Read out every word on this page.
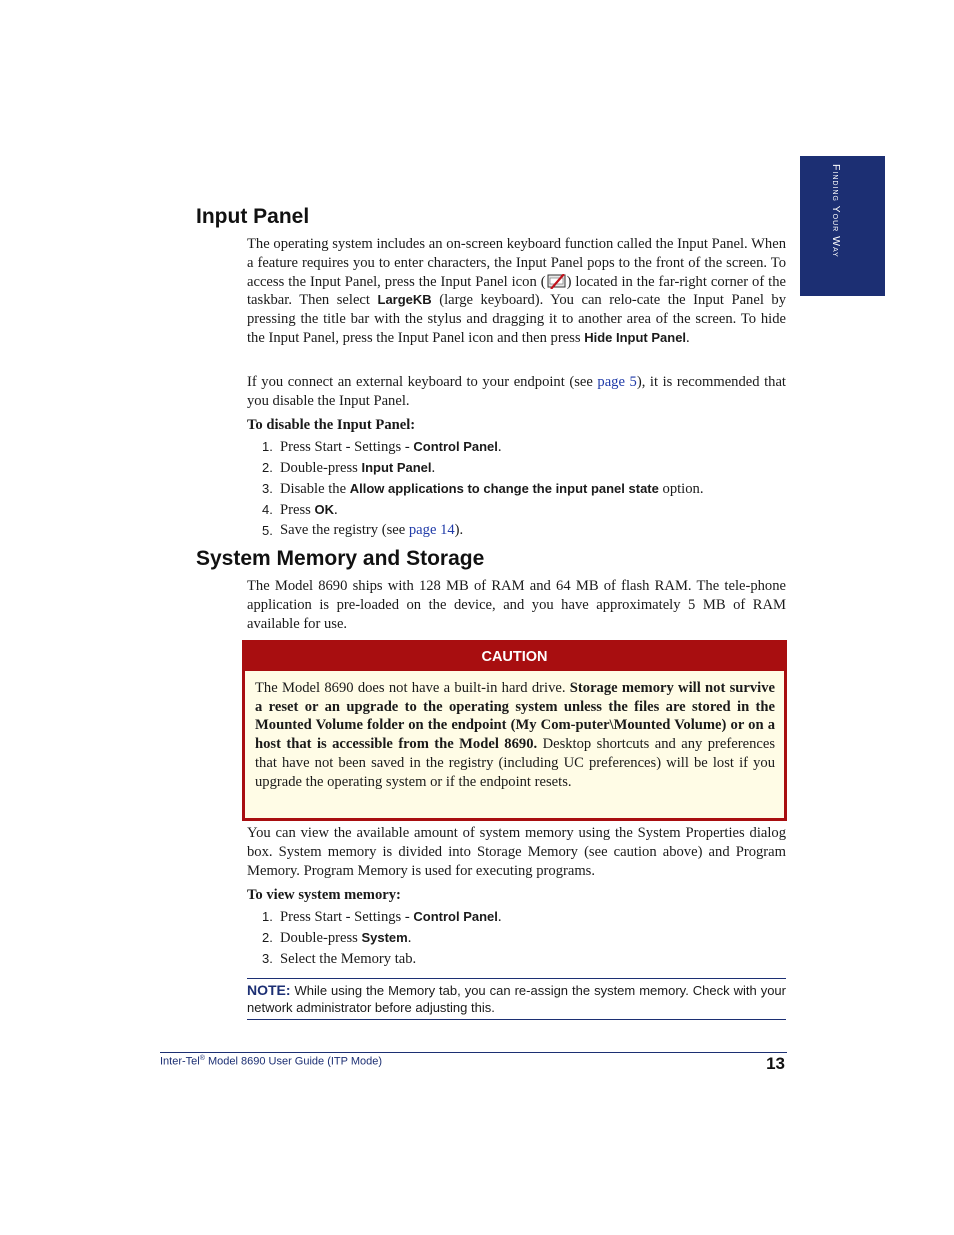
Finding Your Way
Input Panel

The operating system includes an on-screen keyboard function called the Input Panel. When a feature requires you to enter characters, the Input Panel pops to the front of the screen. To access the Input Panel, press the Input Panel icon ( ) located in the far-right corner of the taskbar. Then select LargeKB (large keyboard). You can relo-cate the Input Panel by pressing the title bar with the stylus and dragging it to another area of the screen. To hide the Input Panel, press the Input Panel icon and then press Hide Input Panel.

If you connect an external keyboard to your endpoint (see page 5), it is recommended that you disable the Input Panel.

To disable the Input Panel:

1. Press Start - Settings - Control Panel.
2. Double-press Input Panel.
3. Disable the Allow applications to change the input panel state option.
4. Press OK.
5. Save the registry (see page 14).
System Memory and Storage

The Model 8690 ships with 128 MB of RAM and 64 MB of flash RAM. The tele-phone application is pre-loaded on the device, and you have approximately 5 MB of RAM available for use.

CAUTION

The Model 8690 does not have a built-in hard drive. Storage memory will not survive a reset or an upgrade to the operating system unless the files are stored in the Mounted Volume folder on the endpoint (My Com-puter\Mounted Volume) or on a host that is accessible from the Model 8690. Desktop shortcuts and any preferences that have not been saved in the registry (including UC preferences) will be lost if you upgrade the operating system or if the endpoint resets.

You can view the available amount of system memory using the System Properties dialog box. System memory is divided into Storage Memory (see caution above) and Program Memory. Program Memory is used for executing programs.

To view system memory:

1. Press Start - Settings - Control Panel.
2. Double-press System.
3. Select the Memory tab.

NOTE: While using the Memory tab, you can re-assign the system memory. Check with your network administrator before adjusting this.

Inter-Tel® Model 8690 User Guide (ITP Mode)	13
